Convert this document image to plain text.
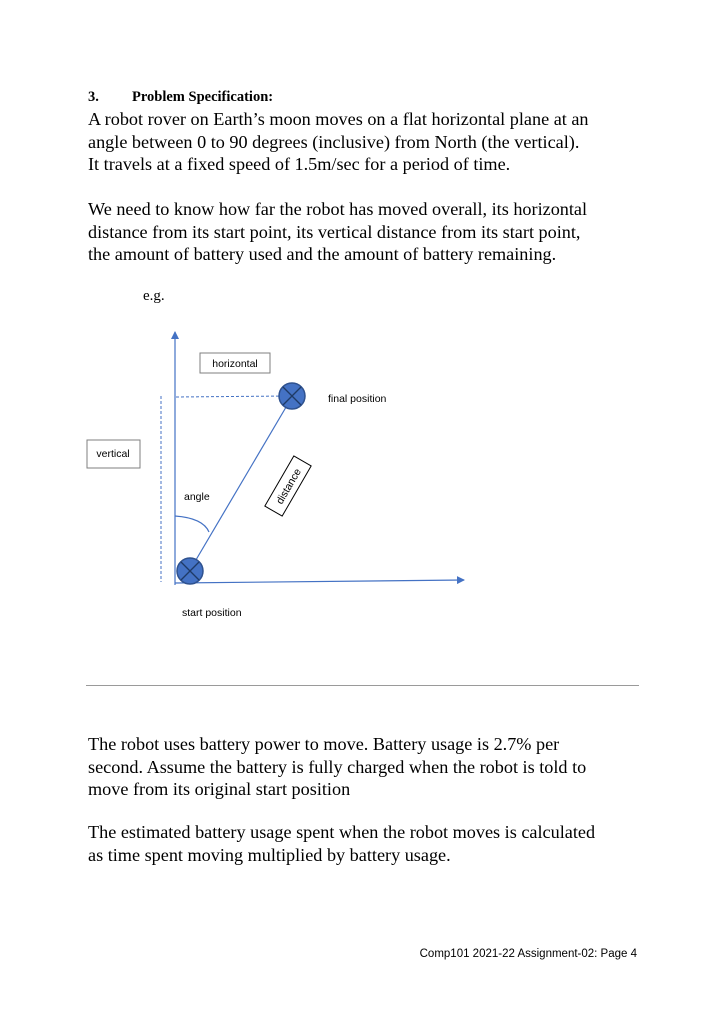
3. Problem Specification:

A robot rover on Earth’s moon moves on a flat horizontal plane at an
angle between 0 to 90 degrees (inclusive) from North (the vertical).
It travels at a fixed speed of 1.5m/sec for a period of time.

We need to know how far the robot has moved overall, its horizontal
distance from its start point, its vertical distance from its start point,
the amount of battery used and the amount of battery remaining.

e.g.
horizontal
vertical
distance
angle
final position
start position

The robot uses battery power to move. Battery usage is 2.7% per
second. Assume the battery is fully charged when the robot is told to
move from its original start position

The estimated battery usage spent when the robot moves is calculated
as time spent moving multiplied by battery usage.

Comp101 2021-22 Assignment-02: Page 4
